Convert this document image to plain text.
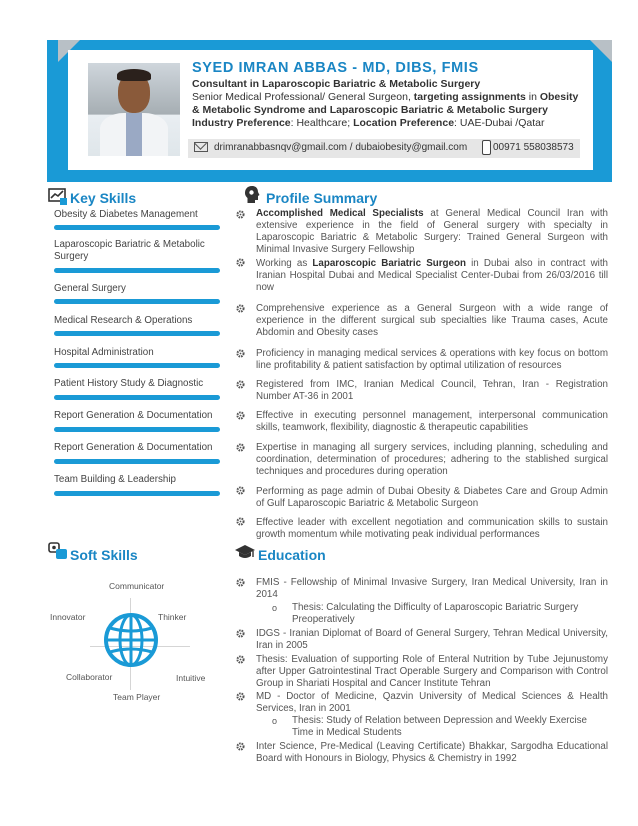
SYED IMRAN ABBAS - MD, DIBS, FMIS
Consultant in Laparoscopic Bariatric & Metabolic Surgery
Senior Medical Professional/ General Surgeon, targeting assignments in Obesity
& Metabolic Syndrome and Laparoscopic Bariatric & Metabolic Surgery
Industry Preference: Healthcare; Location Preference: UAE-Dubai /Qatar
drimranabbasnqv@gmail.com / dubaiobesity@gmail.com	00971 558038573
Key Skills
Obesity & Diabetes Management
Laparoscopic Bariatric & Metabolic Surgery
General Surgery
Medical Research & Operations
Hospital Administration
Patient History Study & Diagnostic
Report Generation & Documentation
Report Generation & Documentation
Team Building & Leadership
Soft Skills
Communicator
Thinker
Innovator
Collaborator	Intuitive
Team Player
Profile Summary
Accomplished Medical Specialists at General Medical Council Iran with extensive experience in the field of General surgery with specialty in Laparoscopic Bariatric & Metabolic Surgery: Trained General Surgeon with Minimal Invasive Surgery Fellowship
Working as Laparoscopic Bariatric Surgeon in Dubai also in contract with Iranian Hospital Dubai and Medical Specialist Center-Dubai from 26/03/2016 till now
Comprehensive experience as a General Surgeon with a wide range of experience in the different surgical sub specialties like Trauma cases, Acute Abdomin and Obesity cases
Proficiency in managing medical services & operations with key focus on bottom line profitability & patient satisfaction by optimal utilization of resources
Registered from IMC, Iranian Medical Council, Tehran, Iran - Registration Number AT-36 in 2001
Effective in executing personnel management, interpersonal communication skills, teamwork, flexibility, diagnostic & therapeutic capabilities
Expertise in managing all surgery services, including planning, scheduling and coordination, determination of procedures; adhering to the stablished surgical techniques and procedures during operation
Performing as page admin of Dubai Obesity & Diabetes Care and Group Admin of Gulf Laparoscopic Bariatric & Metabolic Surgeon
Effective leader with excellent negotiation and communication skills to sustain growth momentum while motivating peak individual performances
Education
FMIS - Fellowship of Minimal Invasive Surgery, Iran Medical University, Iran in 2014
o Thesis: Calculating the Difficulty of Laparoscopic Bariatric Surgery Preoperatively
IDGS - Iranian Diplomat of Board of General Surgery, Tehran Medical University, Iran in 2005
Thesis: Evaluation of supporting Role of Enteral Nutrition by Tube Jejunustomy after Upper Gatrointestinal Tract Operable Surgery and Comparison with Control Group in Shariati Hospital and Cancer Institute Tehran
MD - Doctor of Medicine, Qazvin University of Medical Sciences & Health Services, Iran in 2001
o Thesis: Study of Relation between Depression and Weekly Exercise Time in Medical Students
Inter Science, Pre-Medical (Leaving Certificate) Bhakkar, Sargodha Educational Board with Honours in Biology, Physics & Chemistry in 1992
